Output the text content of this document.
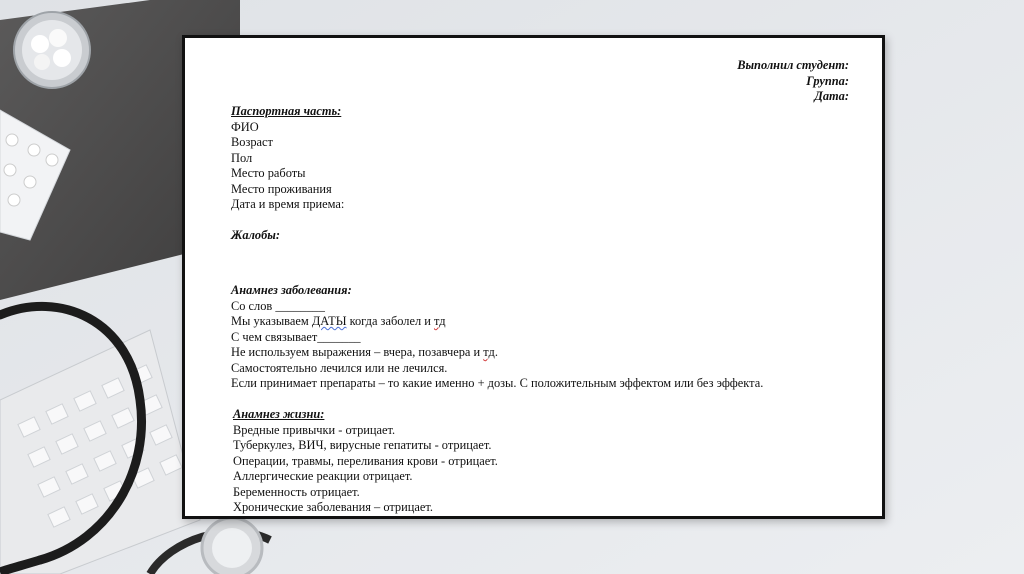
Выполнил студент:
Группа:
Дата:
Паспортная часть:
ФИО
Возраст
Пол
Место работы
Место проживания
Дата и время приема:
Жалобы:
Анамнез заболевания:
Со слов ________
Мы указываем ДАТЫ когда заболел и тд
С чем связывает_______
Не используем выражения – вчера, позавчера и тд.
Самостоятельно лечился или не лечился.
Если принимает препараты – то какие именно + дозы. С положительным эффектом или без эффекта.
Анамнез жизни:
Вредные привычки - отрицает.
Туберкулез, ВИЧ, вирусные гепатиты - отрицает.
Операции, травмы, переливания крови - отрицает.
Аллергические реакции отрицает.
Беременность отрицает.
Хронические заболевания – отрицает.
